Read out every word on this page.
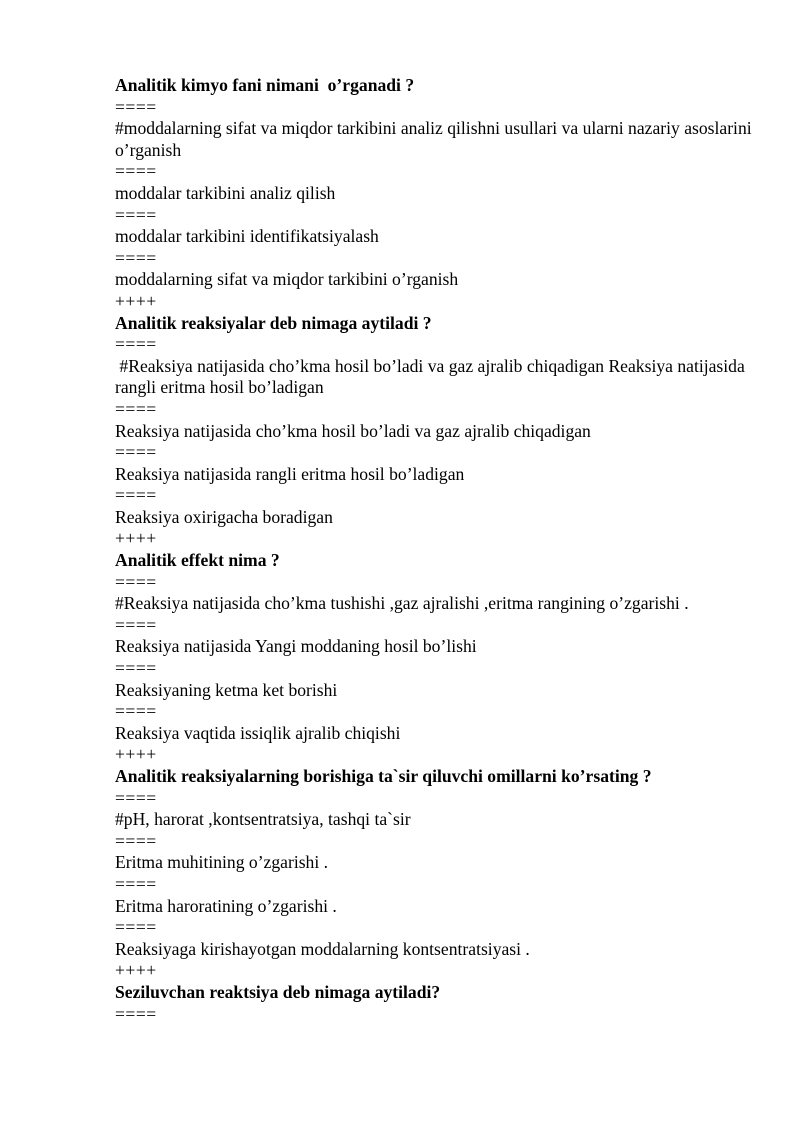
Analitik kimyo fani nimani  o’rganadi ?

====

#moddalarning sifat va miqdor tarkibini analiz qilishni usullari va ularni nazariy asoslarini o’rganish

====

moddalar tarkibini analiz qilish

====

moddalar tarkibini identifikatsiyalash

====

moddalarning sifat va miqdor tarkibini o’rganish

++++

Analitik reaksiyalar deb nimaga aytiladi ?

====

#Reaksiya natijasida cho’kma hosil bo’ladi va gaz ajralib chiqadigan Reaksiya natijasida rangli eritma hosil bo’ladigan

====

Reaksiya natijasida cho’kma hosil bo’ladi va gaz ajralib chiqadigan

====

Reaksiya natijasida rangli eritma hosil bo’ladigan

====

Reaksiya oxirigacha boradigan

++++

Analitik effekt nima ?

====

#Reaksiya natijasida cho’kma tushishi ,gaz ajralishi ,eritma rangining o’zgarishi .

====

Reaksiya natijasida Yangi moddaning hosil bo’lishi

====

Reaksiyaning ketma ket borishi

====

Reaksiya vaqtida issiqlik ajralib chiqishi

++++

Analitik reaksiyalarning borishiga ta`sir qiluvchi omillarni ko’rsating ?

====

#pH, harorat ,kontsentratsiya, tashqi ta`sir

====

Eritma muhitining o’zgarishi .

====

Eritma haroratining o’zgarishi .

====

Reaksiyaga kirishayotgan moddalarning kontsentratsiyasi .

++++

Seziluvchan reaktsiya deb nimaga aytiladi?

====
